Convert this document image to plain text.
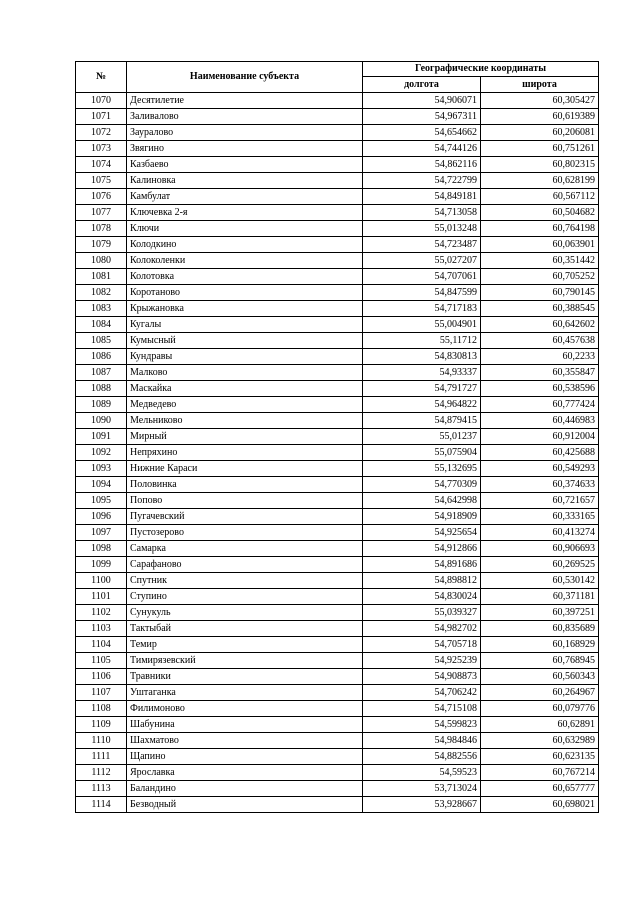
№	Наименование субъекта	Географические координаты	
		долгота	широта
1070	Десятилетие	54,906071	60,305427
1071	Заливалово	54,967311	60,619389
1072	Зауралово	54,654662	60,206081
1073	Звягино	54,744126	60,751261
1074	Казбаево	54,862116	60,802315
1075	Калиновка	54,722799	60,628199
1076	Камбулат	54,849181	60,567112
1077	Ключевка 2-я	54,713058	60,504682
1078	Ключи	55,013248	60,764198
1079	Колодкино	54,723487	60,063901
1080	Колоколенки	55,027207	60,351442
1081	Колотовка	54,707061	60,705252
1082	Коротаново	54,847599	60,790145
1083	Крыжановка	54,717183	60,388545
1084	Кугалы	55,004901	60,642602
1085	Кумысный	55,11712	60,457638
1086	Кундравы	54,830813	60,2233
1087	Малково	54,93337	60,355847
1088	Маскайка	54,791727	60,538596
1089	Медведево	54,964822	60,777424
1090	Мельниково	54,879415	60,446983
1091	Мирный	55,01237	60,912004
1092	Непряхино	55,075904	60,425688
1093	Нижние Караси	55,132695	60,549293
1094	Половинка	54,770309	60,374633
1095	Попово	54,642998	60,721657
1096	Пугачевский	54,918909	60,333165
1097	Пустозерово	54,925654	60,413274
1098	Самарка	54,912866	60,906693
1099	Сарафаново	54,891686	60,269525
1100	Спутник	54,898812	60,530142
1101	Ступино	54,830024	60,371181
1102	Сунукуль	55,039327	60,397251
1103	Тактыбай	54,982702	60,835689
1104	Темир	54,705718	60,168929
1105	Тимирязевский	54,925239	60,768945
1106	Травники	54,908873	60,560343
1107	Уштаганка	54,706242	60,264967
1108	Филимоново	54,715108	60,079776
1109	Шабунина	54,599823	60,62891
1110	Шахматово	54,984846	60,632989
1111	Щапино	54,882556	60,623135
1112	Ярославка	54,59523	60,767214
1113	Баландино	53,713024	60,657777
1114	Безводный	53,928667	60,698021
